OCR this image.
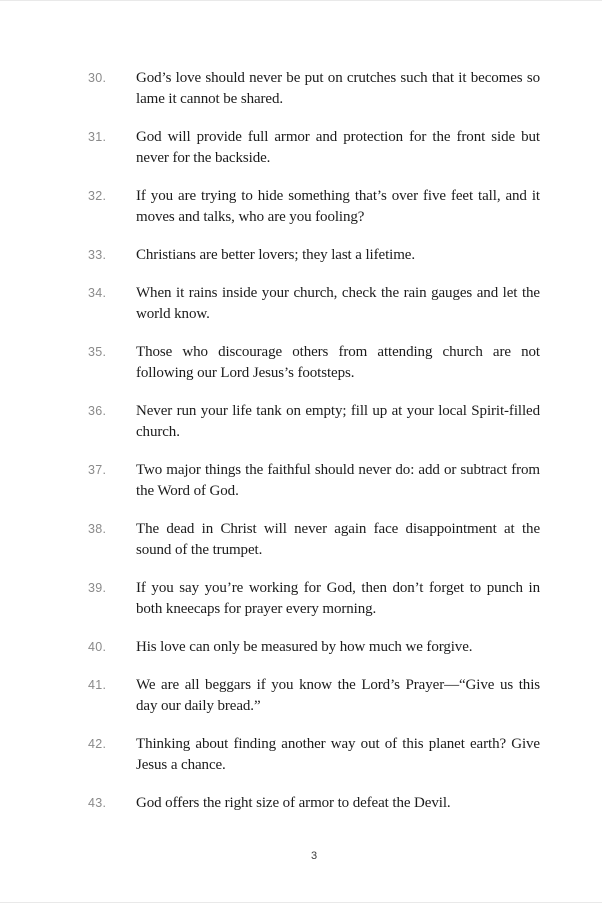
30.	God’s love should never be put on crutches such that it becomes so lame it cannot be shared.

31.	God will provide full armor and protection for the front side but never for the backside.

32.	If you are trying to hide something that’s over five feet tall, and it moves and talks, who are you fooling?

33.	Christians are better lovers; they last a lifetime.

34.	When it rains inside your church, check the rain gauges and let the world know.

35.	Those who discourage others from attending church are not following our Lord Jesus’s footsteps.

36.	Never run your life tank on empty; fill up at your local Spirit-filled church.

37.	Two major things the faithful should never do: add or subtract from the Word of God.

38.	The dead in Christ will never again face disappointment at the sound of the trumpet.

39.	If you say you’re working for God, then don’t forget to punch in both kneecaps for prayer every morning.

40.	His love can only be measured by how much we forgive.

41.	We are all beggars if you know the Lord’s Prayer—“Give us this day our daily bread.”

42.	Thinking about finding another way out of this planet earth? Give Jesus a chance.

43.	God offers the right size of armor to defeat the Devil.

3
